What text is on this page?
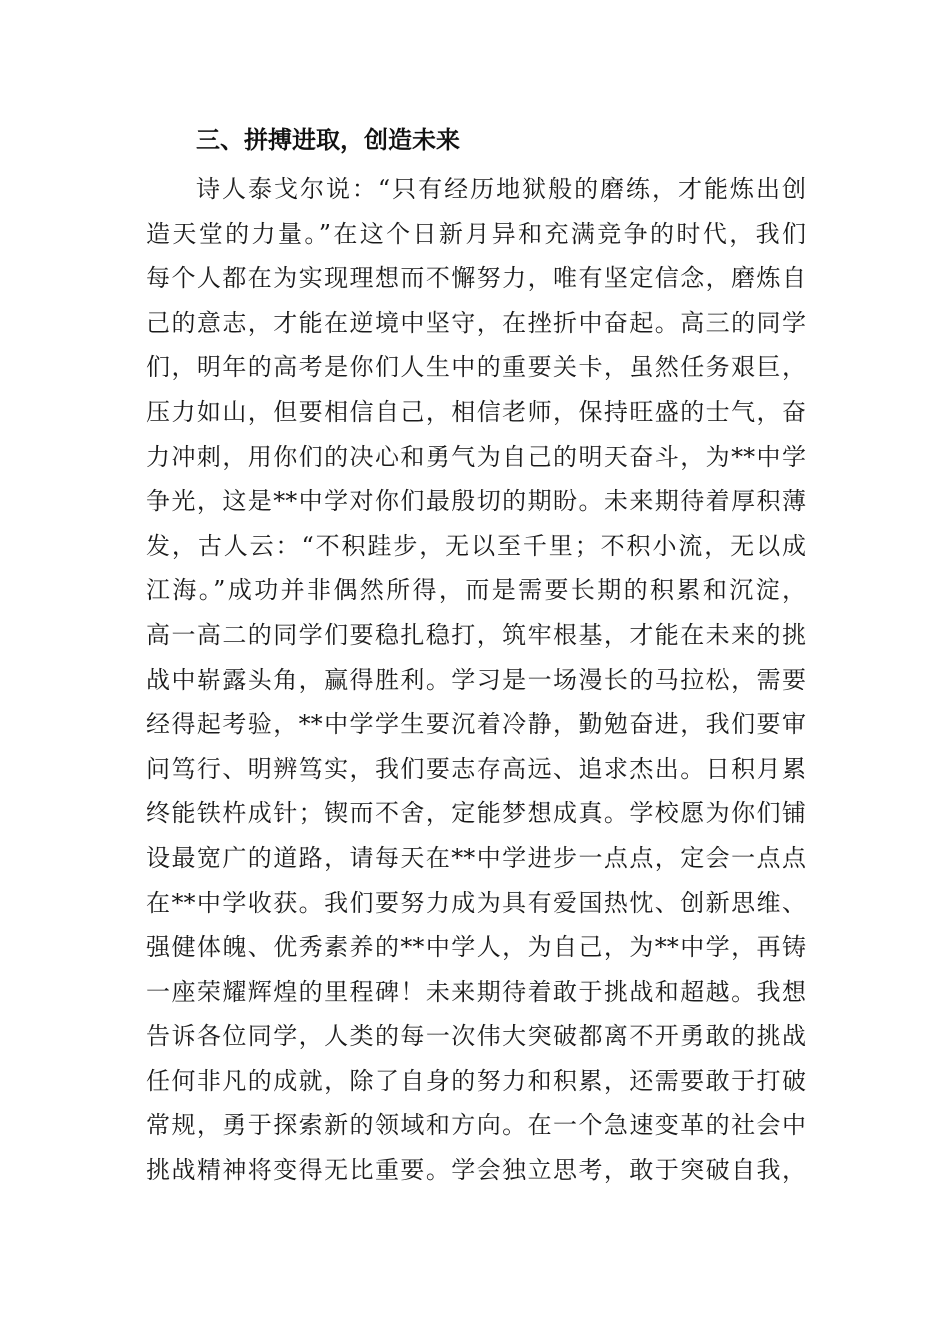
三、拼搏进取，创造未来
诗人泰戈尔说：“只有经历地狱般的磨练，才能炼出创
造天堂的力量。”在这个日新月异和充满竞争的时代，我们
每个人都在为实现理想而不懈努力，唯有坚定信念，磨炼自
己的意志，才能在逆境中坚守，在挫折中奋起。高三的同学
们，明年的高考是你们人生中的重要关卡，虽然任务艰巨，
压力如山，但要相信自己，相信老师，保持旺盛的士气，奋
力冲刺，用你们的决心和勇气为自己的明天奋斗，为**中学
争光，这是**中学对你们最殷切的期盼。未来期待着厚积薄
发，古人云：“不积跬步，无以至千里；不积小流，无以成
江海。”成功并非偶然所得，而是需要长期的积累和沉淀，
高一高二的同学们要稳扎稳打，筑牢根基，才能在未来的挑
战中崭露头角，赢得胜利。学习是一场漫长的马拉松，需要
经得起考验，**中学学生要沉着冷静，勤勉奋进，我们要审
问笃行、明辨笃实，我们要志存高远、追求杰出。日积月累
终能铁杵成针；锲而不舍，定能梦想成真。学校愿为你们铺
设最宽广的道路，请每天在**中学进步一点点，定会一点点
在**中学收获。我们要努力成为具有爱国热忱、创新思维、
强健体魄、优秀素养的**中学人，为自己，为**中学，再铸
一座荣耀辉煌的里程碑！未来期待着敢于挑战和超越。我想
告诉各位同学，人类的每一次伟大突破都离不开勇敢的挑战
任何非凡的成就，除了自身的努力和积累，还需要敢于打破
常规，勇于探索新的领域和方向。在一个急速变革的社会中
挑战精神将变得无比重要。学会独立思考，敢于突破自我，
